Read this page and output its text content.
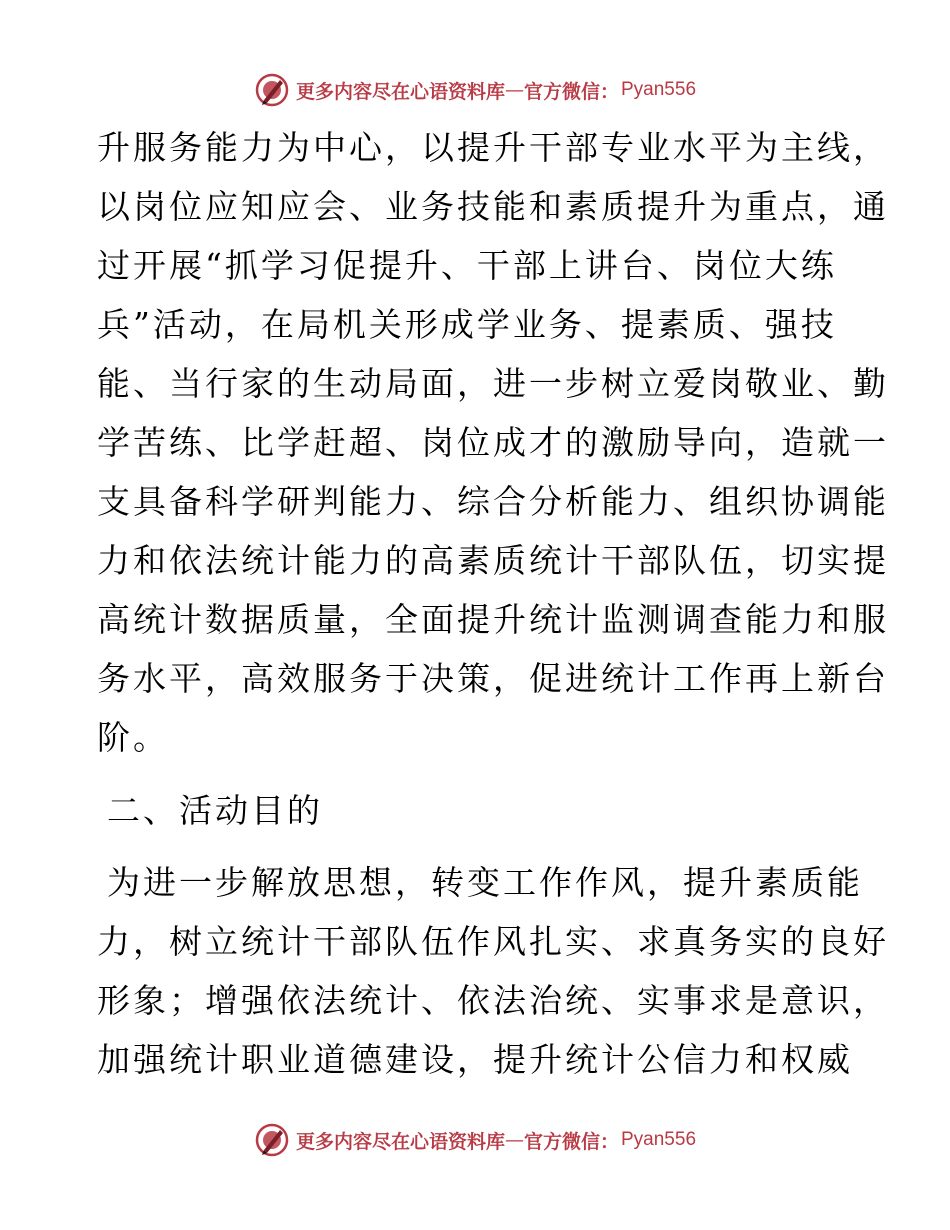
更多内容尽在心语资料库 — 官方微信： Pyan556
升服务能力为中心，以提升干部专业水平为主线，
以岗位应知应会、业务技能和素质提升为重点，通
过开展“抓学习促提升、干部上讲台、岗位大练
兵”活动，在局机关形成学业务、提素质、强技
能、当行家的生动局面，进一步树立爱岗敬业、勤
学苦练、比学赶超、岗位成才的激励导向，造就一
支具备科学研判能力、综合分析能力、组织协调能
力和依法统计能力的高素质统计干部队伍，切实提
高统计数据质量，全面提升统计监测调查能力和服
务水平，高效服务于决策，促进统计工作再上新台
阶。
二、活动目的
为进一步解放思想，转变工作作风，提升素质能
力，树立统计干部队伍作风扎实、求真务实的良好
形象；增强依法统计、依法治统、实事求是意识，
加强统计职业道德建设，提升统计公信力和权威
更多内容尽在心语资料库 — 官方微信： Pyan556
